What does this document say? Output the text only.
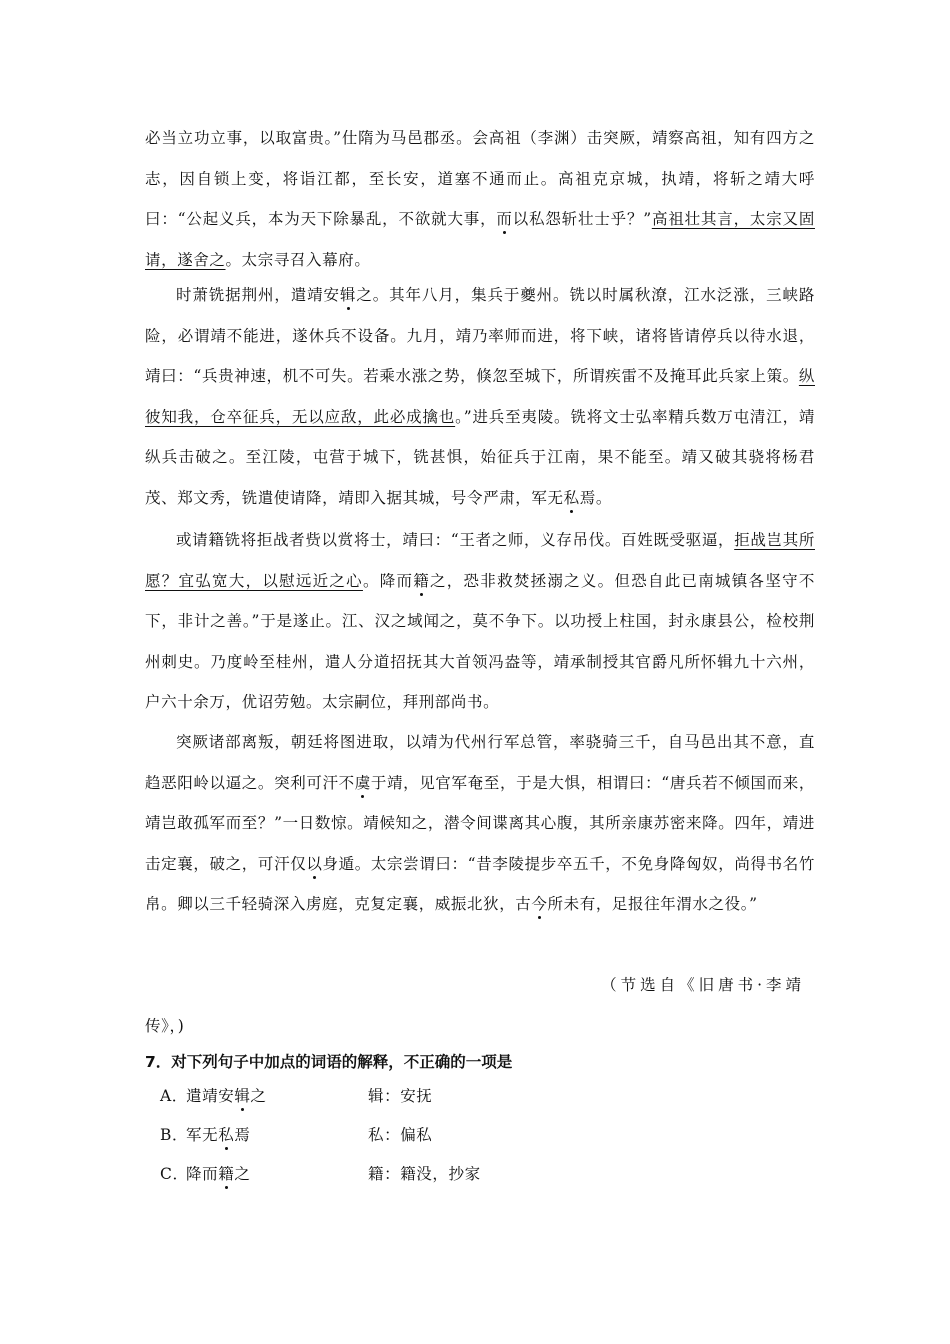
必当立功立事，以取富贵。”仕隋为马邑郡丞。会高祖（李渊）击突厥，靖察高祖，知有四方之志，因自锁上变，将诣江都，至长安，道塞不通而止。高祖克京城，执靖，将斩之靖大呼曰：“公起义兵，本为天下除暴乱，不欲就大事，而以私怨斩壮士乎？”高祖壮其言，太宗又固请，遂舍之。太宗寻召入幕府。

时萧铣据荆州，遣靖安辑之。其年八月，集兵于夔州。铣以时属秋潦，江水泛涨，三峡路险，必谓靖不能进，遂休兵不设备。九月，靖乃率师而进，将下峡，诸将皆请停兵以待水退，靖曰：“兵贵神速，机不可失。若乘水涨之势，倏忽至城下，所谓疾雷不及掩耳此兵家上策。纵彼知我，仓卒征兵，无以应敌，此必成擒也。”进兵至夷陵。铣将文士弘率精兵数万屯清江，靖纵兵击破之。至江陵，屯营于城下，铣甚惧，始征兵于江南，果不能至。靖又破其骁将杨君茂、郑文秀，铣遣使请降，靖即入据其城，号令严肃，军无私焉。

或请籍铣将拒战者赀以赏将士，靖曰：“王者之师，义存吊伐。百姓既受驱逼，拒战岂其所愿？宜弘宽大，以慰远近之心。降而籍之，恐非救焚拯溺之义。但恐自此已南城镇各坚守不下，非计之善。”于是遂止。江、汉之域闻之，莫不争下。以功授上柱国，封永康县公，检校荆州刺史。乃度岭至桂州，遣人分道招抚其大首领冯盎等，靖承制授其官爵凡所怀辑九十六州，户六十余万，优诏劳勉。太宗嗣位，拜刑部尚书。

突厥诸部离叛，朝廷将图进取，以靖为代州行军总管，率骁骑三千，自马邑出其不意，直趋恶阳岭以逼之。突利可汗不虞于靖，见官军奄至，于是大惧，相谓曰：“唐兵若不倾国而来，靖岂敢孤军而至？”一日数惊。靖候知之，潜令间谍离其心腹，其所亲康苏密来降。四年，靖进击定襄，破之，可汗仅以身遁。太宗尝谓曰：“昔李陵提步卒五千，不免身降匈奴，尚得书名竹帛。卿以三千轻骑深入虏庭，克复定襄，威振北狄，古今所未有，足报往年渭水之役。”

（节选自《旧唐书·李靖
传》，)
7．对下列句子中加点的词语的解释，不正确的一项是
A．遣靖安辑之	辑：安抚
B．军无私焉	私：偏私
C．降而籍之	籍：籍没，抄家
